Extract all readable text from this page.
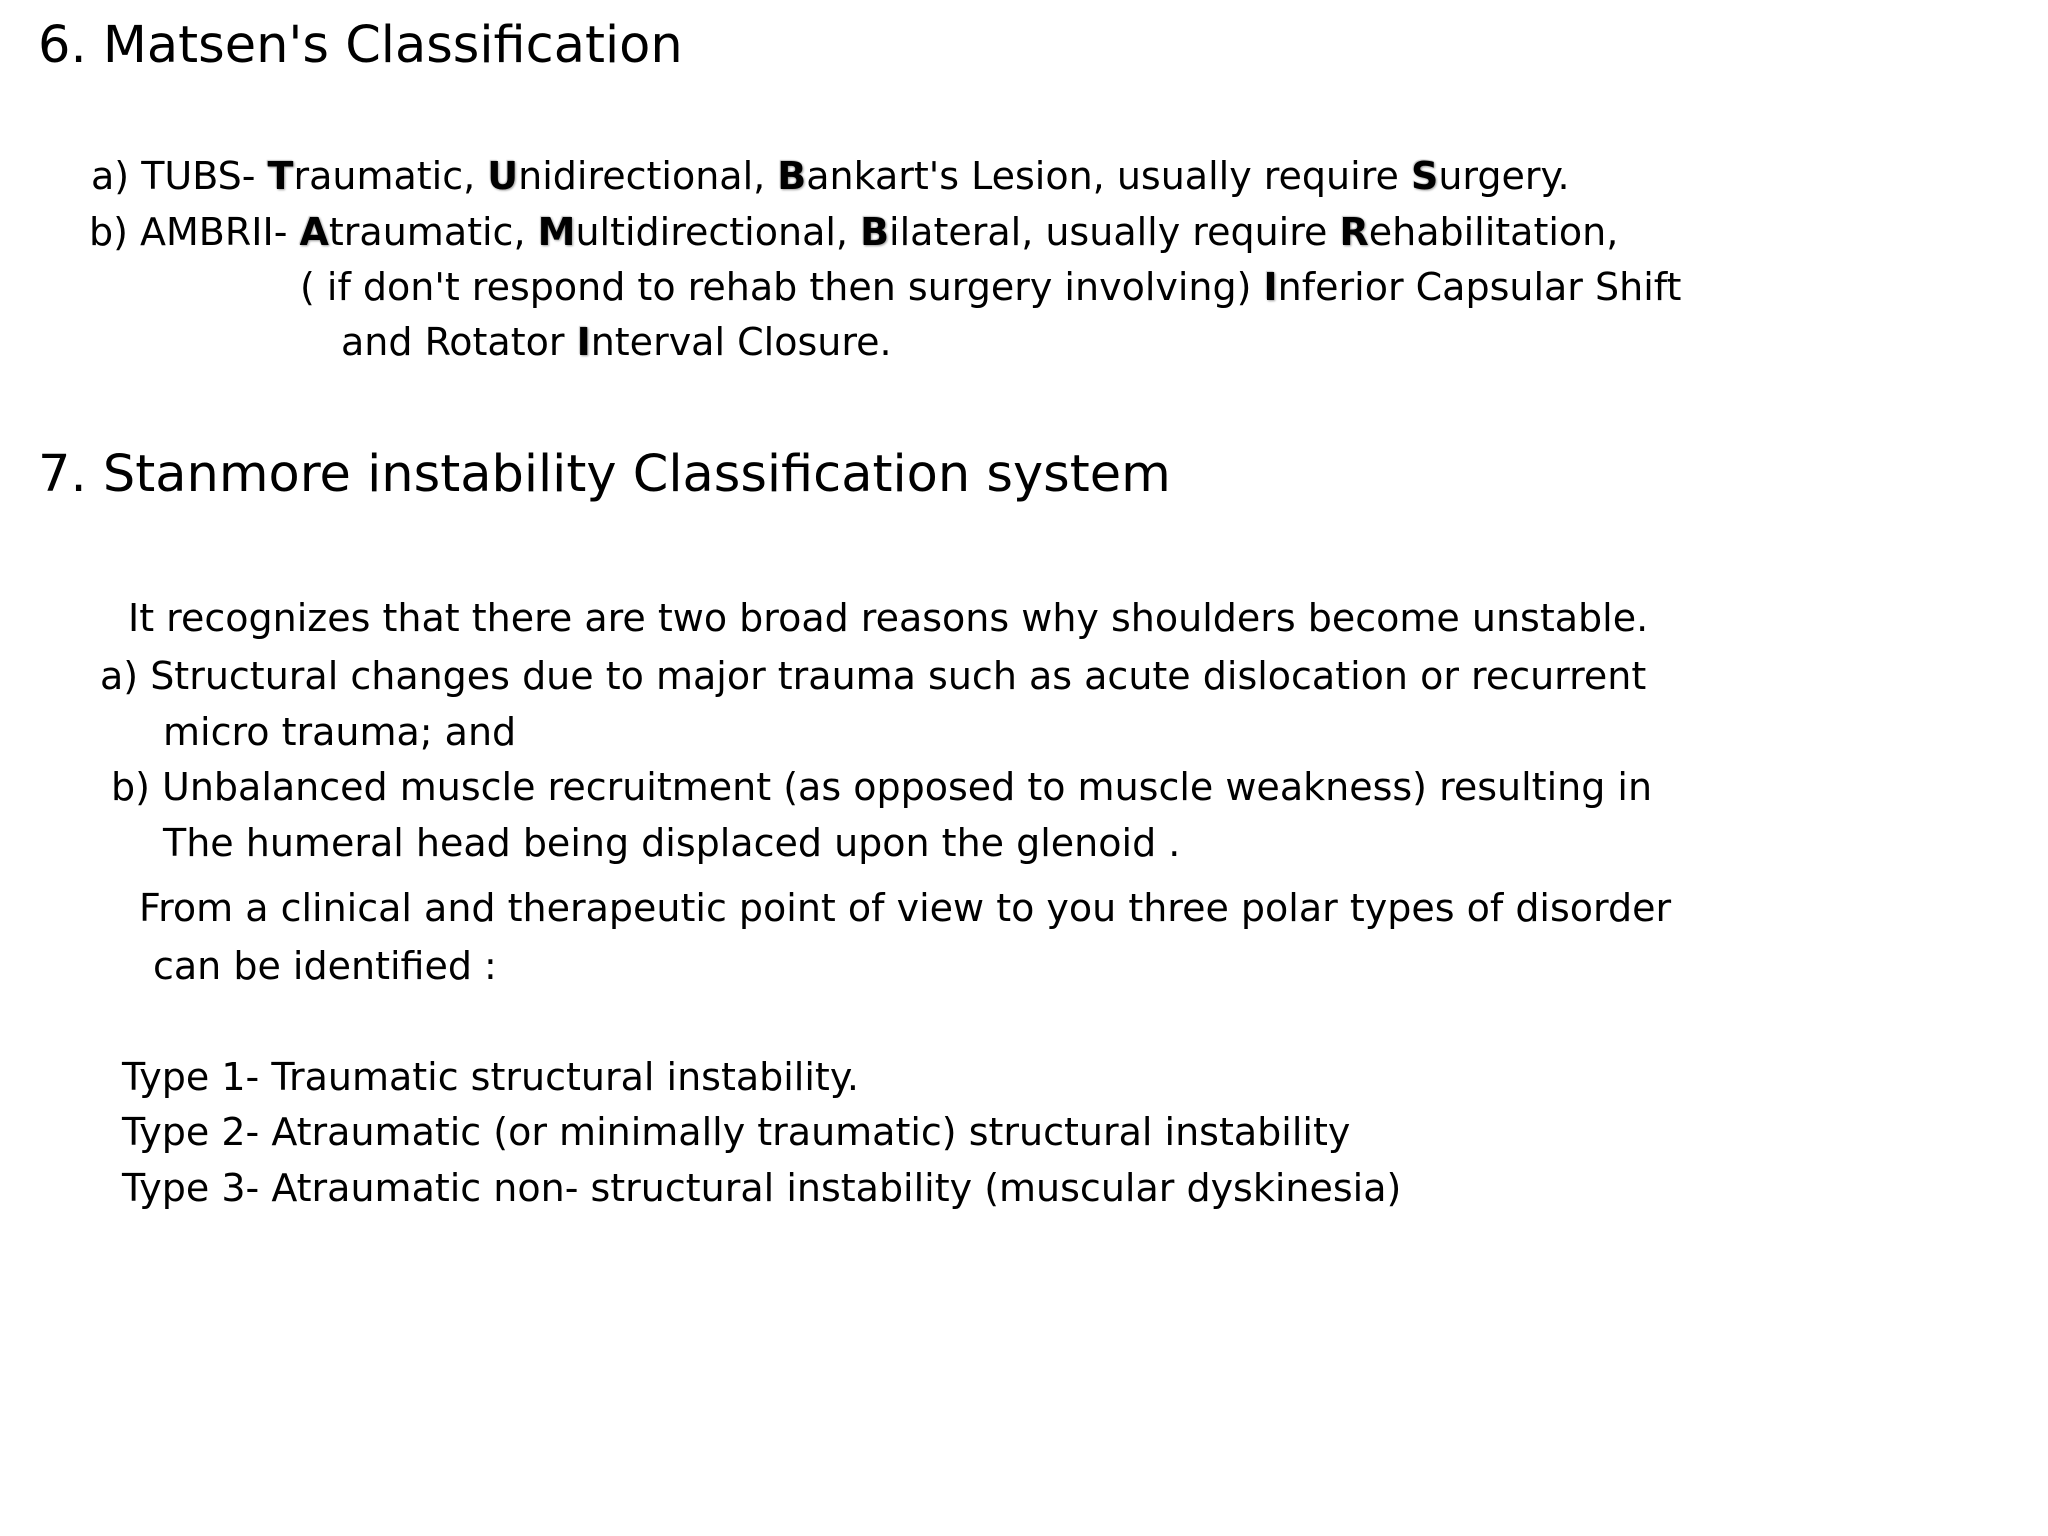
6. Matsen's Classification
a) TUBS- Traumatic, Unidirectional, Bankart's Lesion, usually require Surgery.
b) AMBRII- Atraumatic, Multidirectional, Bilateral, usually require Rehabilitation,
( if don't respond to rehab then surgery involving) Inferior Capsular Shift
and Rotator Interval Closure.
7. Stanmore instability Classification system
It recognizes that there are two broad reasons why shoulders become unstable.
a) Structural changes due to major trauma such as acute dislocation or recurrent
micro trauma; and
b) Unbalanced muscle recruitment (as opposed to muscle weakness) resulting in
The humeral head being displaced upon the glenoid .
From a clinical and therapeutic point of view to you three polar types of disorder
can be identified :
Type 1- Traumatic structural instability.
Type 2- Atraumatic (or minimally traumatic) structural instability
Type 3- Atraumatic non- structural instability (muscular dyskinesia)
